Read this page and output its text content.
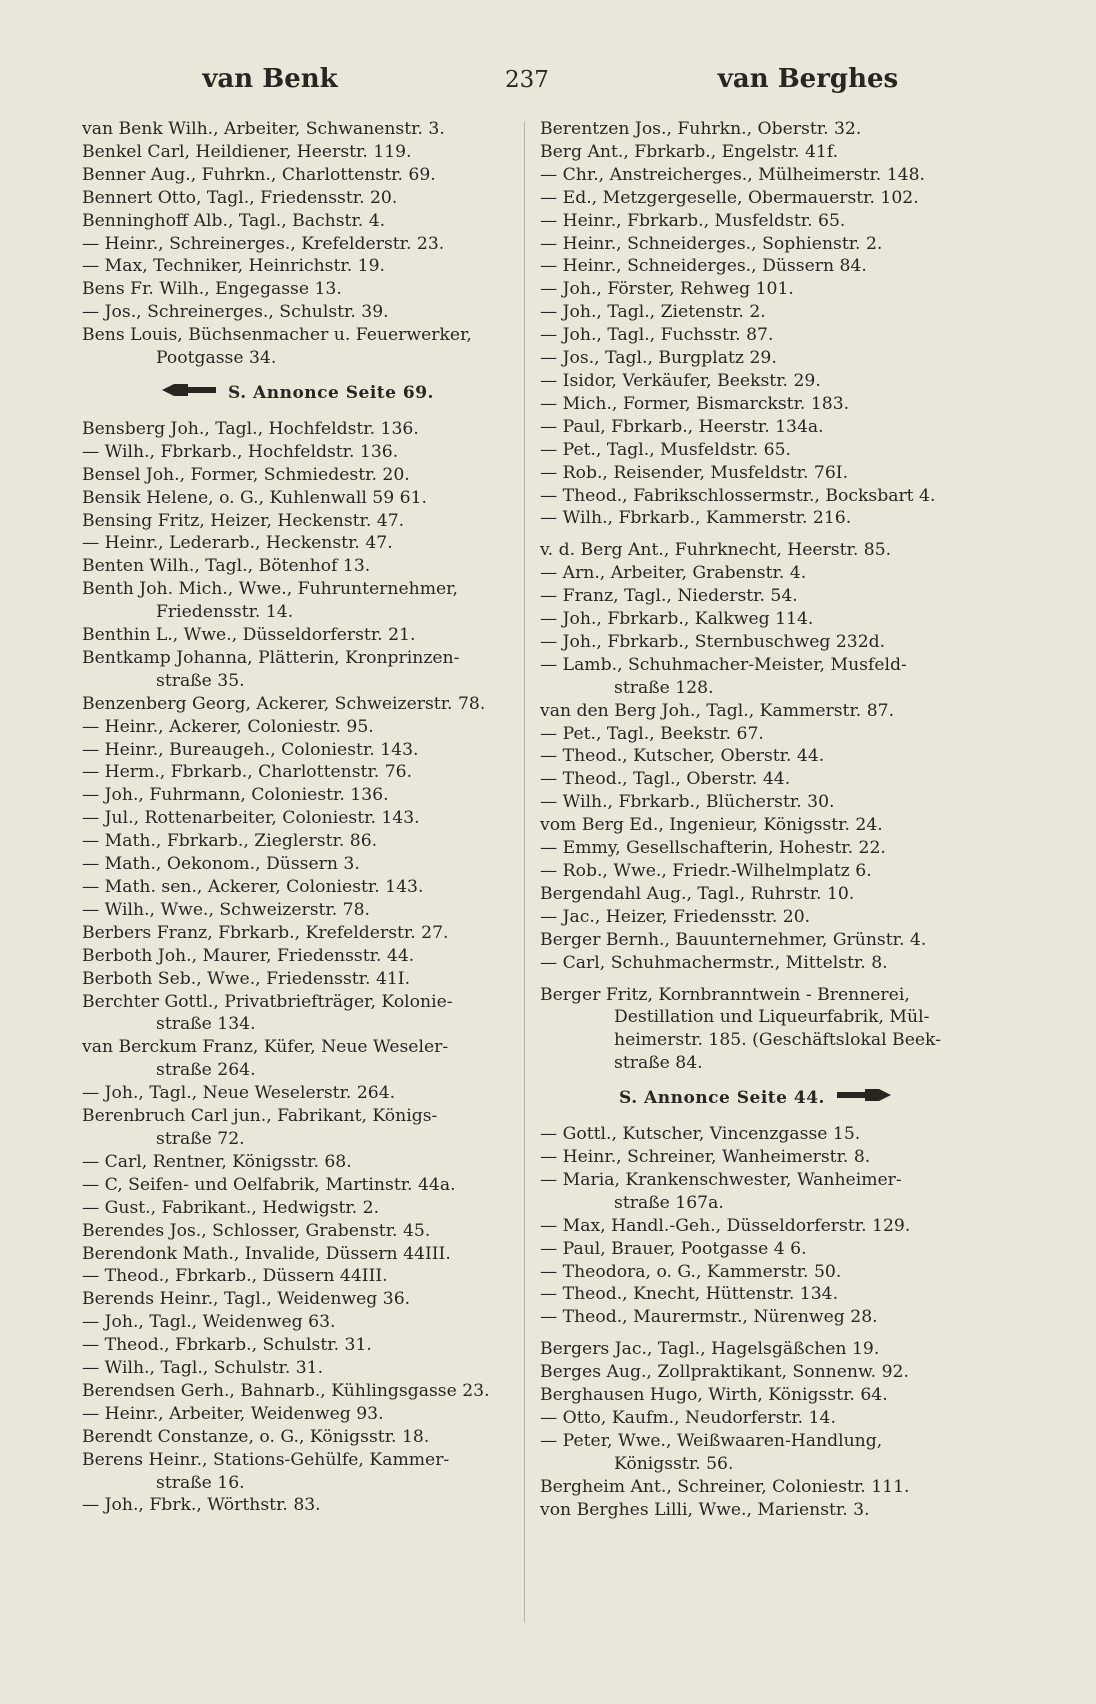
van Benk	237	van Berghes
van Benk Wilh., Arbeiter, Schwanenstr. 3.
Benkel Carl, Heildiener, Heerstr. 119.
Benner Aug., Fuhrkn., Charlottenstr. 69.
Bennert Otto, Tagl., Friedensstr. 20.
Benninghoff Alb., Tagl., Bachstr. 4.
— Heinr., Schreinerges., Krefelderstr. 23.
— Max, Techniker, Heinrichstr. 19.
Bens Fr. Wilh., Engegasse 13.
— Jos., Schreinerges., Schulstr. 39.
Bens Louis, Büchsenmacher u. Feuerwerker,
Pootgasse 34.
S. Annonce Seite 69.
Bensberg Joh., Tagl., Hochfeldstr. 136.
— Wilh., Fbrkarb., Hochfeldstr. 136.
Bensel Joh., Former, Schmiedestr. 20.
Bensik Helene, o. G., Kuhlenwall 59 61.
Bensing Fritz, Heizer, Heckenstr. 47.
— Heinr., Lederarb., Heckenstr. 47.
Benten Wilh., Tagl., Bötenhof 13.
Benth Joh. Mich., Wwe., Fuhrunternehmer,
Friedensstr. 14.
Benthin L., Wwe., Düsseldorferstr. 21.
Bentkamp Johanna, Plätterin, Kronprinzen-
straße 35.
Benzenberg Georg, Ackerer, Schweizerstr. 78.
— Heinr., Ackerer, Coloniestr. 95.
— Heinr., Bureaugeh., Coloniestr. 143.
— Herm., Fbrkarb., Charlottenstr. 76.
— Joh., Fuhrmann, Coloniestr. 136.
— Jul., Rottenarbeiter, Coloniestr. 143.
— Math., Fbrkarb., Zieglerstr. 86.
— Math., Oekonom., Düssern 3.
— Math. sen., Ackerer, Coloniestr. 143.
— Wilh., Wwe., Schweizerstr. 78.
Berbers Franz, Fbrkarb., Krefelderstr. 27.
Berboth Joh., Maurer, Friedensstr. 44.
Berboth Seb., Wwe., Friedensstr. 41I.
Berchter Gottl., Privatbriefträger, Kolonie-
straße 134.
van Berckum Franz, Küfer, Neue Weseler-
straße 264.
— Joh., Tagl., Neue Weselerstr. 264.
Berenbruch Carl jun., Fabrikant, Königs-
straße 72.
— Carl, Rentner, Königsstr. 68.
— C, Seifen- und Oelfabrik, Martinstr. 44a.
— Gust., Fabrikant., Hedwigstr. 2.
Berendes Jos., Schlosser, Grabenstr. 45.
Berendonk Math., Invalide, Düssern 44III.
— Theod., Fbrkarb., Düssern 44III.
Berends Heinr., Tagl., Weidenweg 36.
— Joh., Tagl., Weidenweg 63.
— Theod., Fbrkarb., Schulstr. 31.
— Wilh., Tagl., Schulstr. 31.
Berendsen Gerh., Bahnarb., Kühlingsgasse 23.
— Heinr., Arbeiter, Weidenweg 93.
Berendt Constanze, o. G., Königsstr. 18.
Berens Heinr., Stations-Gehülfe, Kammer-
straße 16.
— Joh., Fbrk., Wörthstr. 83.
Berentzen Jos., Fuhrkn., Oberstr. 32.
Berg Ant., Fbrkarb., Engelstr. 41f.
— Chr., Anstreicherges., Mülheimerstr. 148.
— Ed., Metzgergeselle, Obermauerstr. 102.
— Heinr., Fbrkarb., Musfeldstr. 65.
— Heinr., Schneiderges., Sophienstr. 2.
— Heinr., Schneiderges., Düssern 84.
— Joh., Förster, Rehweg 101.
— Joh., Tagl., Zietenstr. 2.
— Joh., Tagl., Fuchsstr. 87.
— Jos., Tagl., Burgplatz 29.
— Isidor, Verkäufer, Beekstr. 29.
— Mich., Former, Bismarckstr. 183.
— Paul, Fbrkarb., Heerstr. 134a.
— Pet., Tagl., Musfeldstr. 65.
— Rob., Reisender, Musfeldstr. 76I.
— Theod., Fabrikschlossermstr., Bocksbart 4.
— Wilh., Fbrkarb., Kammerstr. 216.
v. d. Berg Ant., Fuhrknecht, Heerstr. 85.
— Arn., Arbeiter, Grabenstr. 4.
— Franz, Tagl., Niederstr. 54.
— Joh., Fbrkarb., Kalkweg 114.
— Joh., Fbrkarb., Sternbuschweg 232d.
— Lamb., Schuhmacher-Meister, Musfeld-
straße 128.
van den Berg Joh., Tagl., Kammerstr. 87.
— Pet., Tagl., Beekstr. 67.
— Theod., Kutscher, Oberstr. 44.
— Theod., Tagl., Oberstr. 44.
— Wilh., Fbrkarb., Blücherstr. 30.
vom Berg Ed., Ingenieur, Königsstr. 24.
— Emmy, Gesellschafterin, Hohestr. 22.
— Rob., Wwe., Friedr.-Wilhelmplatz 6.
Bergendahl Aug., Tagl., Ruhrstr. 10.
— Jac., Heizer, Friedensstr. 20.
Berger Bernh., Bauunternehmer, Grünstr. 4.
— Carl, Schuhmachermstr., Mittelstr. 8.
Berger Fritz, Kornbranntwein - Brennerei,
Destillation und Liqueurfabrik, Mül-
heimerstr. 185. (Geschäftslokal Beek-
straße 84.
S. Annonce Seite 44.
— Gottl., Kutscher, Vincenzgasse 15.
— Heinr., Schreiner, Wanheimerstr. 8.
— Maria, Krankenschwester, Wanheimer-
straße 167a.
— Max, Handl.-Geh., Düsseldorferstr. 129.
— Paul, Brauer, Pootgasse 4 6.
— Theodora, o. G., Kammerstr. 50.
— Theod., Knecht, Hüttenstr. 134.
— Theod., Maurermstr., Nürenweg 28.
Bergers Jac., Tagl., Hagelsgäßchen 19.
Berges Aug., Zollpraktikant, Sonnenw. 92.
Berghausen Hugo, Wirth, Königsstr. 64.
— Otto, Kaufm., Neudorferstr. 14.
— Peter, Wwe., Weißwaaren-Handlung,
Königsstr. 56.
Bergheim Ant., Schreiner, Coloniestr. 111.
von Berghes Lilli, Wwe., Marienstr. 3.
